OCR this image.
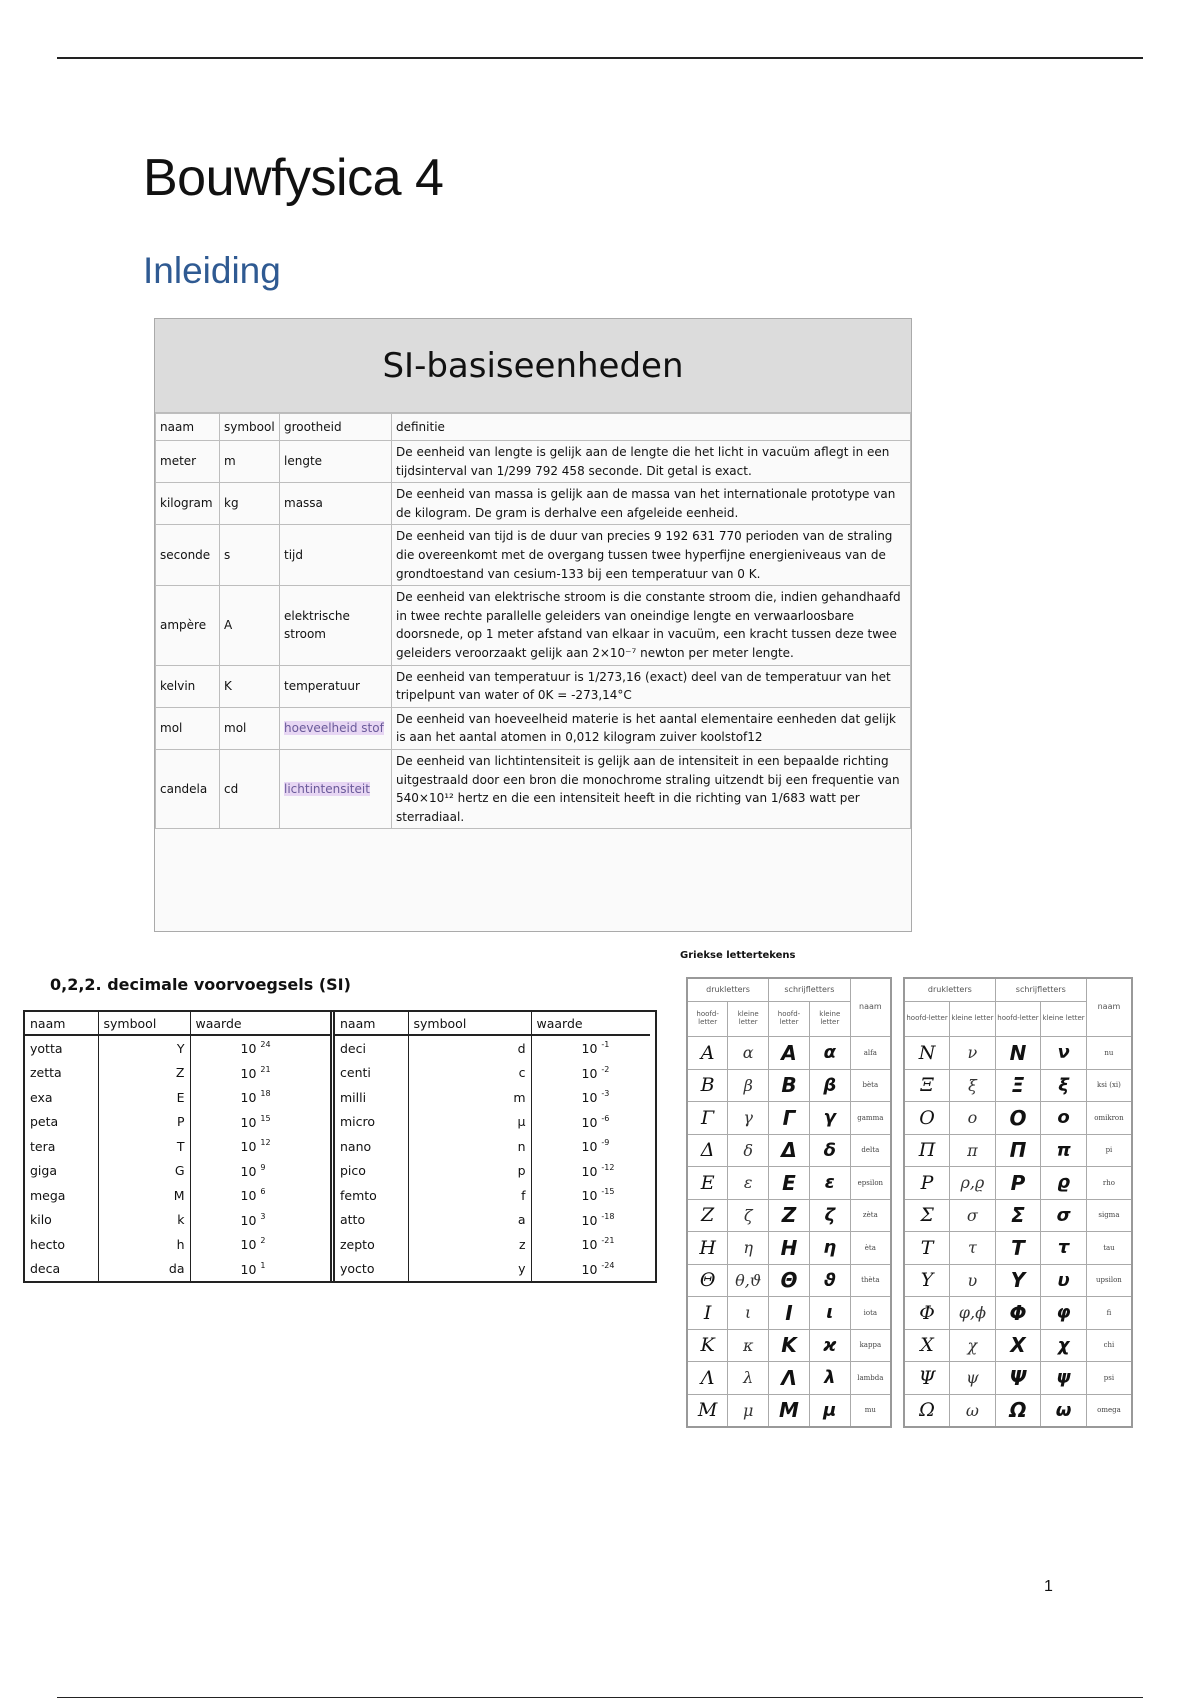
Bouwfysica 4
Inleiding
SI-basiseenheden
naam	symbool	grootheid	definitie
meter	m	lengte	De eenheid van lengte is gelijk aan de lengte die het licht in vacuüm aflegt in een tijdsinterval van 1/299 792 458 seconde. Dit getal is exact.
kilogram	kg	massa	De eenheid van massa is gelijk aan de massa van het internationale prototype van de kilogram. De gram is derhalve een afgeleide eenheid.
seconde	s	tijd	De eenheid van tijd is de duur van precies 9 192 631 770 perioden van de straling die overeenkomt met de overgang tussen twee hyperfijne energieniveaus van de grondtoestand van cesium-133 bij een temperatuur van 0 K.
ampère	A	elektrische stroom	De eenheid van elektrische stroom is die constante stroom die, indien gehandhaafd in twee rechte parallelle geleiders van oneindige lengte en verwaarloosbare doorsnede, op 1 meter afstand van elkaar in vacuüm, een kracht tussen deze twee geleiders veroorzaakt gelijk aan 2×10⁻⁷ newton per meter lengte.
kelvin	K	temperatuur	De eenheid van temperatuur is 1/273,16 (exact) deel van de temperatuur van het tripelpunt van water of 0K = -273,14°C
mol	mol	hoeveelheid stof	De eenheid van hoeveelheid materie is het aantal elementaire eenheden dat gelijk is aan het aantal atomen in 0,012 kilogram zuiver koolstof12
candela	cd	lichtintensiteit	De eenheid van lichtintensiteit is gelijk aan de intensiteit in een bepaalde richting uitgestraald door een bron die monochrome straling uitzendt bij een frequentie van 540×10¹² hertz en die een intensiteit heeft in die richting van 1/683 watt per sterradiaal.
0,2,2. decimale voorvoegsels (SI)
naam	symbool	waarde
yotta	Y	10 $^{24}$
zetta	Z	10 $^{21}$
exa	E	10 $^{18}$
peta	P	10 $^{15}$
tera	T	10 $^{12}$
giga	G	10 $^9$
mega	M	10 $^6$
kilo	k	10 $^3$
hecto	h	10 $^2$
deca	da	10 $^1$
naam	symbool	waarde
deci	d	10 $^{-1}$
centi	c	10 $^{-2}$
milli	m	10 $^{-3}$
micro	µ	10 $^{-6}$
nano	n	10 $^{-9}$
pico	p	10 $^{-12}$
femto	f	10 $^{-15}$
atto	a	10 $^{-18}$
zepto	z	10 $^{-21}$
yocto	y	10 $^{-24}$
Griekse lettertekens
drukletters		schrijfletters		naam
hoofd-letter	kleine letter	hoofd-letter	kleine letter	
Α	α	Α	α	alfa
Β	β	Β	β	bèta
Γ	γ	Γ	γ	gamma
Δ	δ	Δ	δ	delta
Ε	ε	Ε	ε	epsilon
Ζ	ζ	Ζ	ζ	zèta
Η	η	Η	η	èta
Θ	θ,ϑ	Θ	ϑ	thèta
Ι	ι	Ι	ι	iota
Κ	κ	Κ	ϰ	kappa
Λ	λ	Λ	λ	lambda
Μ	μ	Μ	μ	mu
drukletters		schrijfletters		naam
hoofd-letter	kleine letter	hoofd-letter	kleine letter	
Ν	ν	Ν	ν	nu
Ξ	ξ	Ξ	ξ	ksi (xi)
Ο	ο	Ο	ο	omikron
Π	π	Π	π	pi
Ρ	ρ,ϱ	Ρ	ϱ	rho
Σ	σ	Σ	σ	sigma
Τ	τ	Τ	τ	tau
Υ	υ	Υ	υ	upsilon
Φ	φ,ϕ	Φ	φ	fi
Χ	χ	Χ	χ	chi
Ψ	ψ	Ψ	ψ	psi
Ω	ω	Ω	ω	omega
1
